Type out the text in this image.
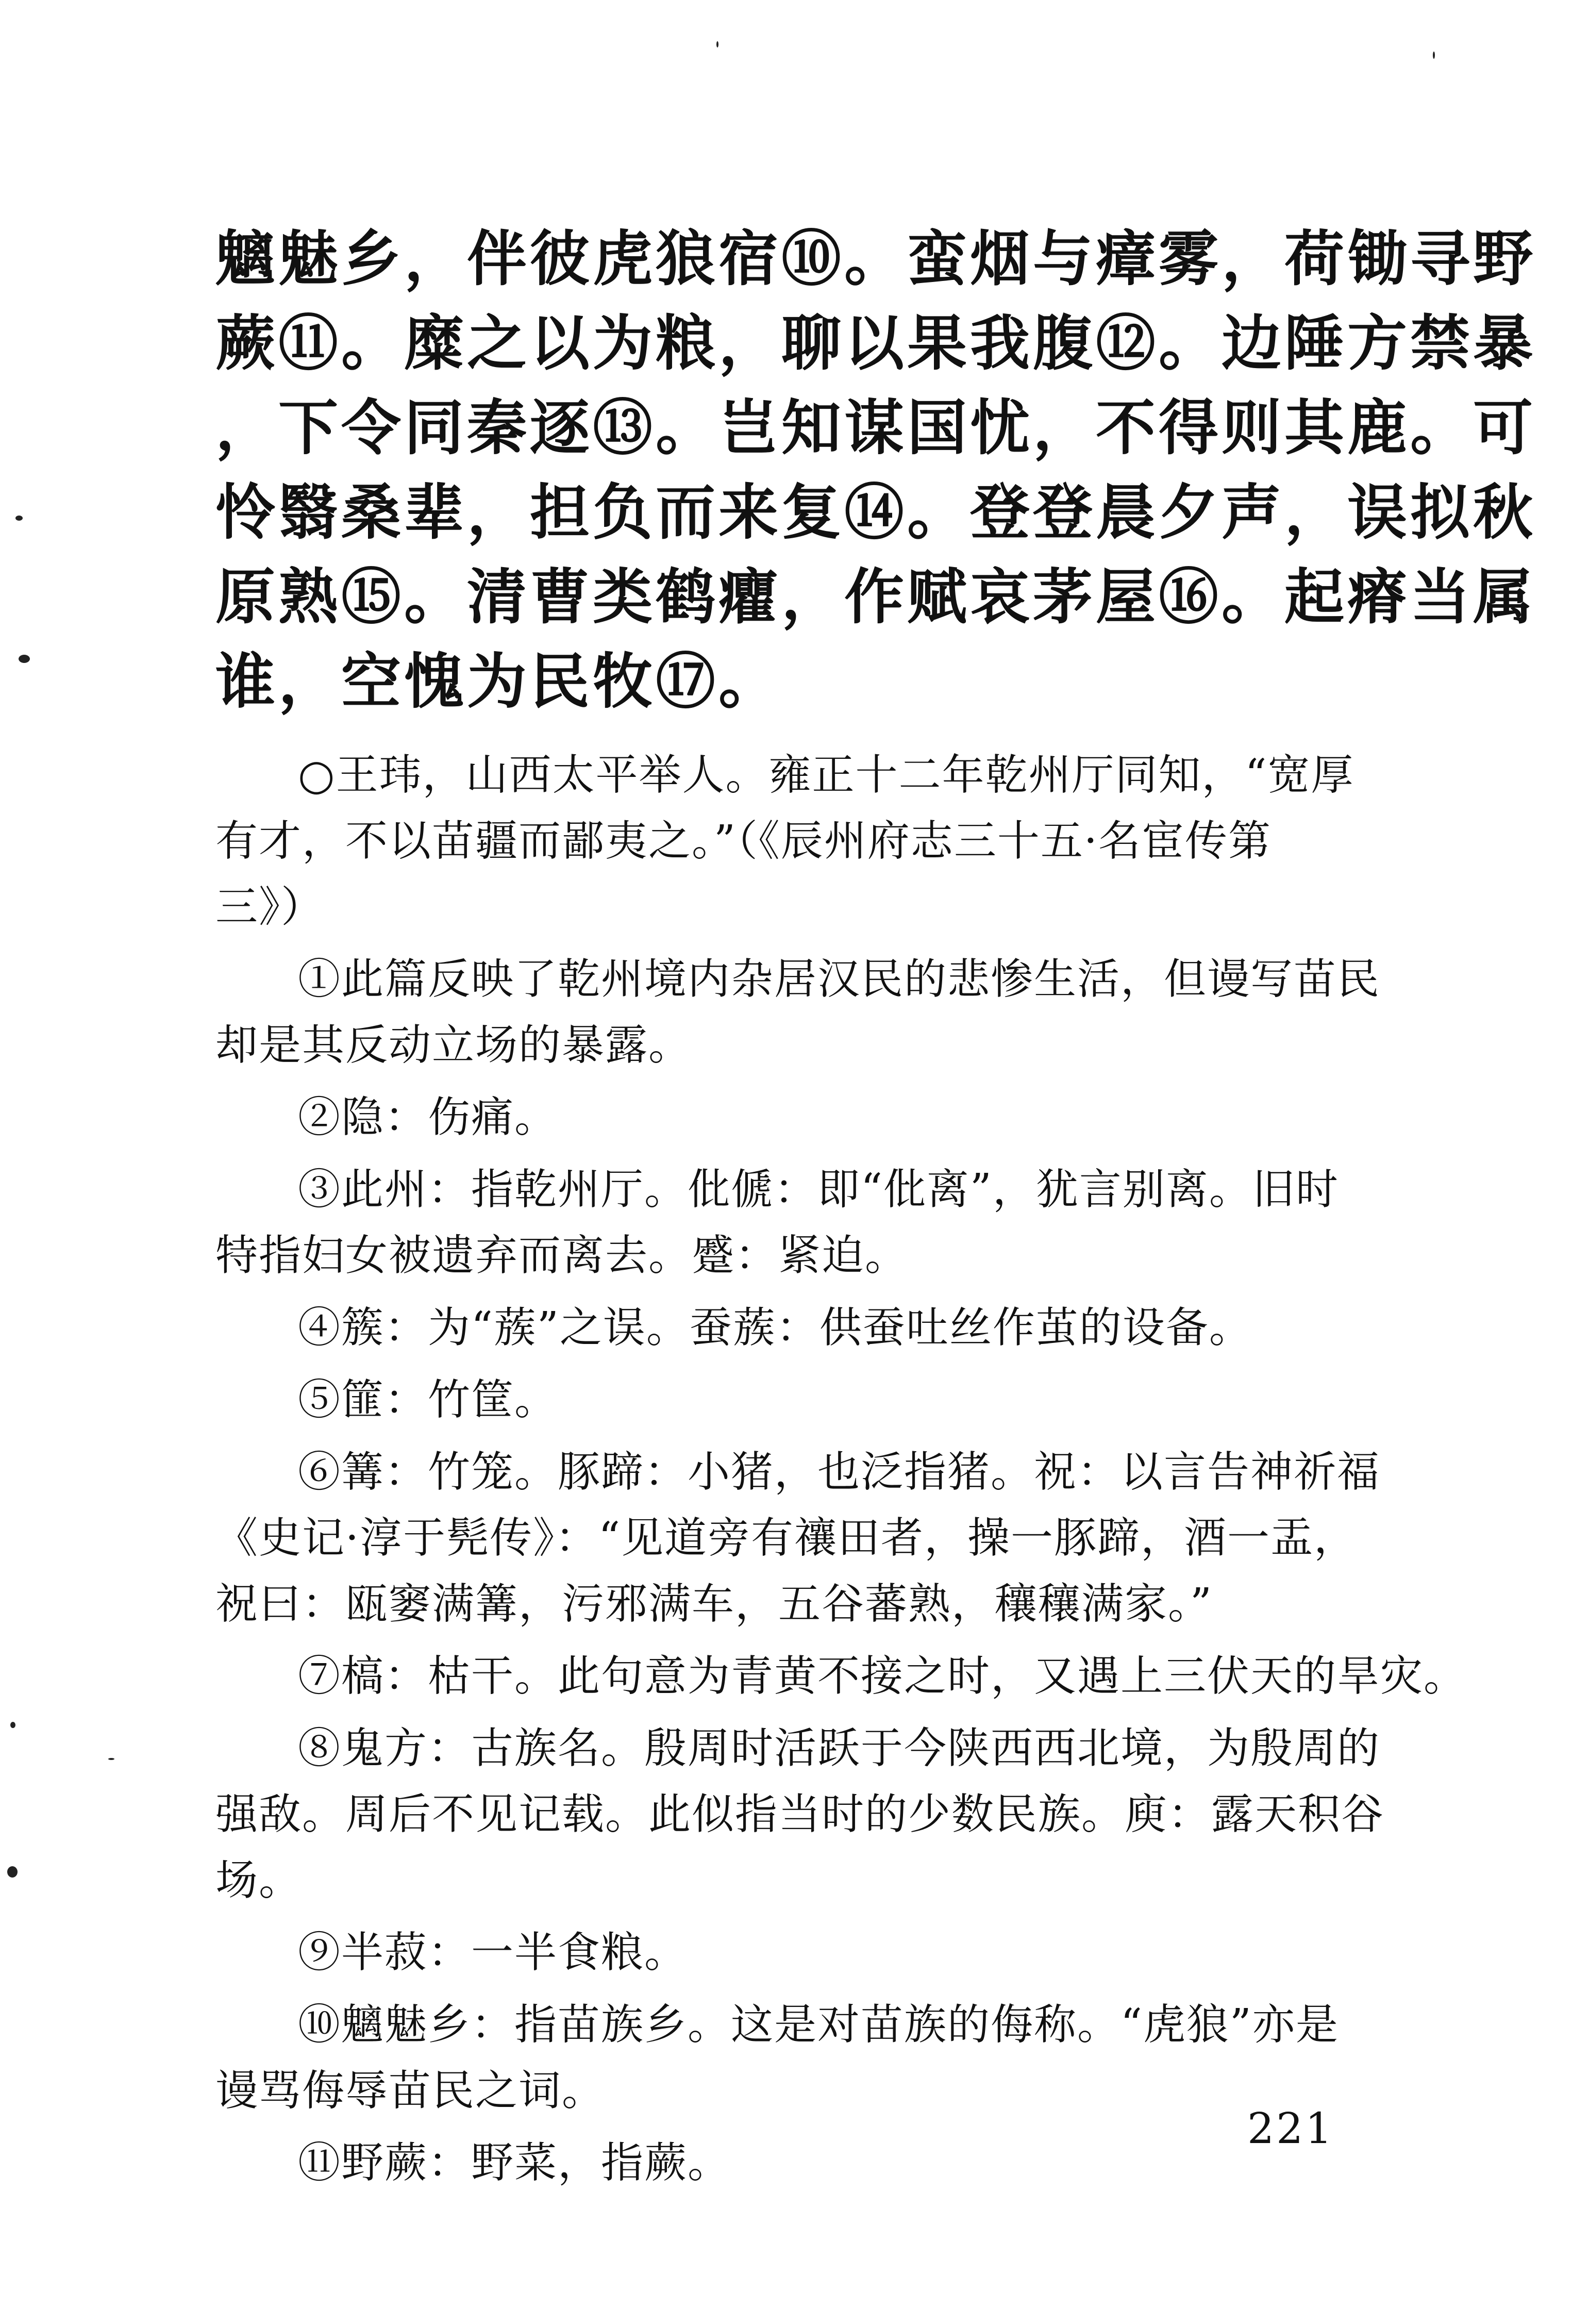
魑魅乡，伴彼虎狼宿⑩。蛮烟与瘴雾，荷锄寻野
蕨⑪。糜之以为粮，聊以果我腹⑫。边陲方禁暴
，下令同秦逐⑬。岂知谋国忧，不得则其鹿。可
怜翳桑辈，担负而来复⑭。登登晨夕声，误拟秋
原熟⑮。清曹类鹤癯，作赋哀茅屋⑯。起瘠当属
谁，空愧为民牧⑰。
○王玮，山西太平举人。雍正十二年乾州厅同知，“宽厚
有才，不以苗疆而鄙夷之。”（《辰州府志三十五·名宦传第
三》）
①此篇反映了乾州境内杂居汉民的悲惨生活，但谩写苗民
却是其反动立场的暴露。
②隐：伤痛。
③此州：指乾州厅。仳傂：即“仳离”，犹言别离。旧时
特指妇女被遗弃而离去。蹙：紧迫。
④簇：为“蔟”之误。蚕蔟：供蚕吐丝作茧的设备。
⑤篚：竹筐。
⑥篝：竹笼。豚蹄：小猪，也泛指猪。祝：以言告神祈福
《史记·淳于髡传》：“见道旁有禳田者，操一豚蹄，酒一盂，
祝曰：瓯窭满篝，污邪满车，五谷蕃熟，穰穰满家。”
⑦槁：枯干。此句意为青黄不接之时，又遇上三伏天的旱灾。
⑧鬼方：古族名。殷周时活跃于今陕西西北境，为殷周的
强敌。周后不见记载。此似指当时的少数民族。庾：露天积谷
场。
⑨半菽：一半食粮。
⑩魑魅乡：指苗族乡。这是对苗族的侮称。“虎狼”亦是
谩骂侮辱苗民之词。
⑪野蕨：野菜，指蕨。
221
